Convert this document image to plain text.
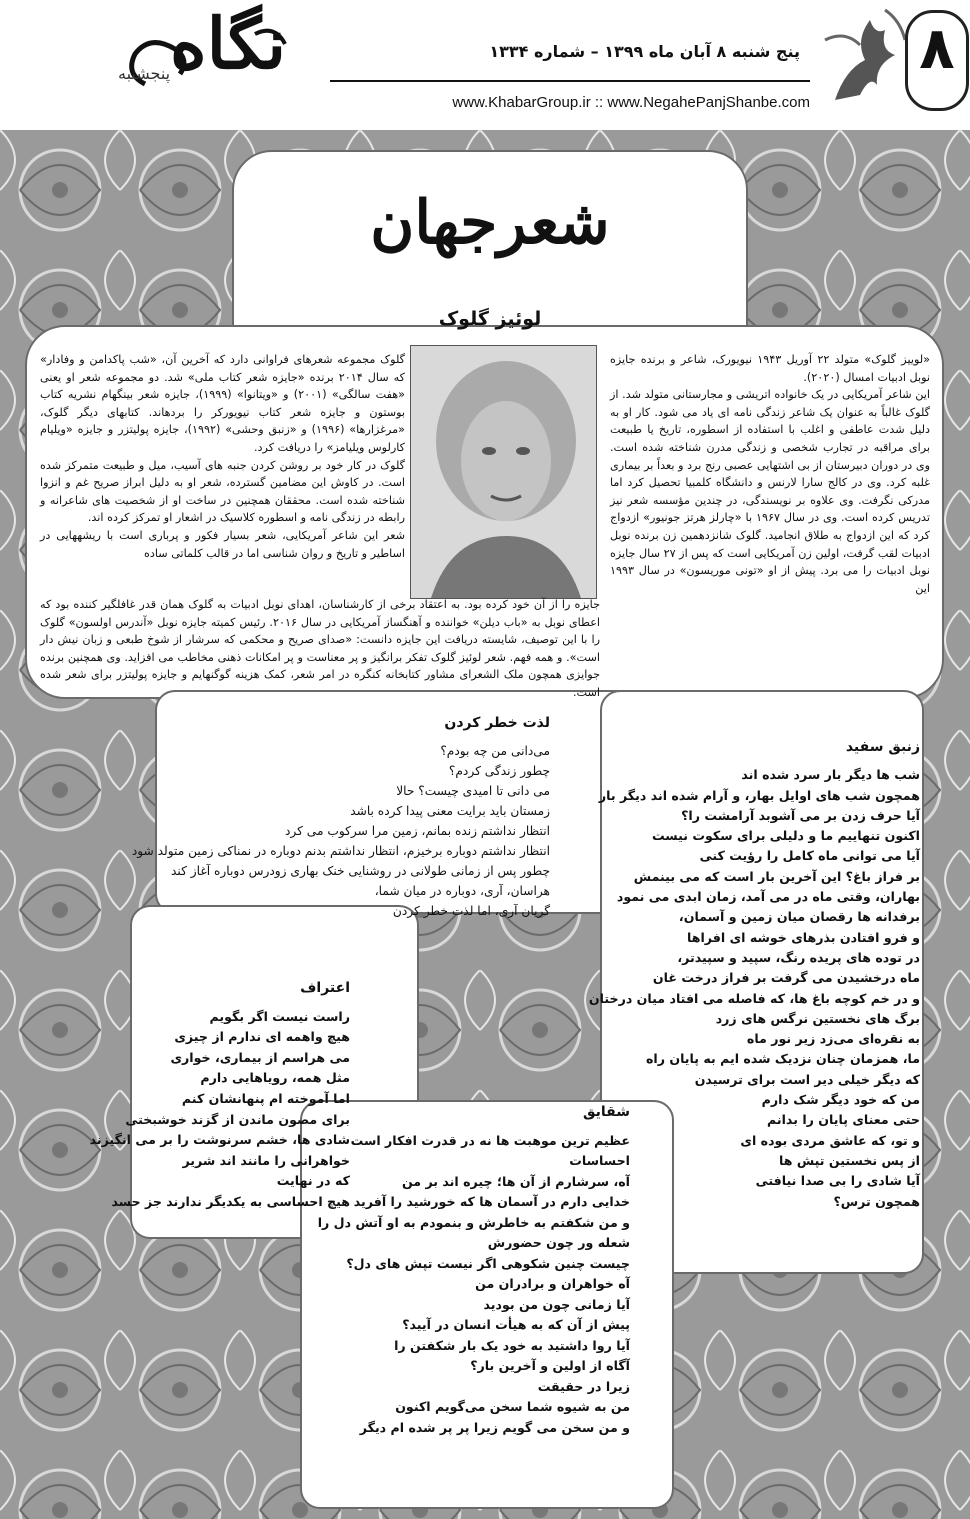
نگاه
پنجشنبه
پنج شنبه ۸ آبان ماه ۱۳۹۹ – شماره ۱۳۳۴
www.KhabarGroup.ir :: www.NegahePanjShanbe.com
۸
شعرجهان
لوئیز گلوک

«لوییز گلوک» متولد ۲۲ آوریل ۱۹۴۳ نیویورک، شاعر و برنده جایزه نوبل ادبیات امسال (۲۰۲۰).

این شاعر آمریکایی در یک خانواده اتریشی و مجارستانی متولد شد. از گلوک غالباً به عنوان یک شاعر زندگی نامه ای یاد می شود. کار او به دلیل شدت عاطفی و اغلب با استفاده از اسطوره، تاریخ یا طبیعت برای مراقبه در تجارب شخصی و زندگی مدرن شناخته شده است. وی در دوران دبیرستان از بی اشتهایی عصبی رنج برد و بعداً بر بیماری غلبه کرد. وی در کالج سارا لارنس و دانشگاه کلمبیا تحصیل کرد اما مدرکی نگرفت. وی علاوه بر نویسندگی، در چندین مؤسسه شعر نیز تدریس کرده است. وی در سال ۱۹۶۷ با «چارلز هرتز جونیور» ازدواج کرد که این ازدواج به طلاق انجامید. گلوک شانزدهمین زن برنده نوبل ادبیات لقب گرفت، اولین زن آمریکایی است که پس از ۲۷ سال جایزه نوبل ادبیات را می برد. پیش از او «تونی موریسون» در سال ۱۹۹۳ این

گلوک مجموعه شعرهای فراوانی دارد که آخرین آن، «شب پاکدامن و وفادار» که سال ۲۰۱۴ برنده «جایزه شعر کتاب ملی» شد. دو مجموعه شعر او یعنی «هفت سالگی» (۲۰۰۱) و «ویتانوا» (۱۹۹۹)، جایزه شعر بینگهام نشریه کتاب بوستون و جایزه شعر کتاب نیویورکر را بردهاند. کتابهای دیگر گلوک، «مرغزارها» (۱۹۹۶) و «زنبق وحشی» (۱۹۹۲)، جایزه پولیتزر و جایزه «ویلیام کارلوس ویلیامز» را دریافت کرد.

گلوک در کار خود بر روشن کردن جنبه های آسیب، میل و طبیعت متمرکز شده است. در کاوش این مضامین گسترده، شعر او به دلیل ابراز صریح غم و انزوا شناخته شده است. محققان همچنین در ساخت او از شخصیت های شاعرانه و رابطه در زندگی نامه و اسطوره کلاسیک در اشعار او تمرکز کرده اند.

شعر این شاعر آمریکایی، شعر بسیار فکور و پرباری است با ریشههایی در اساطیر و تاریخ و روان شناسی اما در قالب کلماتی ساده

جایزه را از آن خود کرده بود. به اعتقاد برخی از کارشناسان، اهدای نوبل ادبیات به گلوک همان قدر غافلگیر کننده بود که اعطای نوبل به «باب دیلن» خواننده و آهنگساز آمریکایی در سال ۲۰۱۶. رئیس کمیته جایزه نوبل «آندرس اولسون» گلوک را با این توصیف، شایسته دریافت این جایزه دانست: «صدای صریح و محکمی که سرشار از شوخ طبعی و زبان نیش دار است». و همه فهم. شعر لوئیز گلوک تفکر برانگیز و پر معناست و پر امکانات ذهنی مخاطب می افزاید. وی همچنین برنده جوایزی همچون ملک الشعرای مشاور کتابخانه کنگره در امر شعر، کمک هزینه گوگنهایم و جایزه پولیتزر برای شعر شده است.
لذت خطر کردن
می‌دانی من چه بودم؟
چطور زندگی کردم؟
می دانی تا امیدی چیست؟ حالا
زمستان باید برایت معنی پیدا کرده باشد
انتظار نداشتم زنده بمانم، زمین مرا سرکوب می کرد
انتظار نداشتم دوباره برخیزم، انتظار نداشتم بدنم دوباره در نمناکی زمین متولد شود
چطور پس از زمانی طولانی در روشنایی خنک بهاری زودرس دوباره آغاز کند
هراسان، آری، دوباره در میان شما،
گریان آری، اما لذت خطر کردن
زنبق سفید
شب ها دیگر بار سرد شده اند
همچون شب های اوایل بهار، و آرام شده اند دیگر بار
آیا حرف زدن بر می آشوبد آرامشت را؟
اکنون تنهاییم ما و دلیلی برای سکوت نیست
آیا می توانی ماه کامل را رؤیت کنی
بر فراز باغ؟ این آخرین بار است که می بینمش
بهاران، وقتی ماه در می آمد، زمان ابدی می نمود
برفدانه ها رقصان میان زمین و آسمان،
و فرو افتادن بذرهای خوشه ای افراها
در توده های پریده رنگ، سپید و سپیدتر،
ماه درخشیدن می گرفت بر فراز درخت غان
و در خم کوچه باغ ها، که فاصله می افتاد میان درختان
برگ های نخستین نرگس های زرد
به نقره‌ای می‌زد زیر نور ماه
ما، همزمان چنان نزدیک شده ایم به پایان راه
که دیگر خیلی دیر است برای ترسیدن
من که خود دیگر شک دارم
حتی معنای پایان را بدانم
و تو، که عاشق مردی بوده ای
از پس نخستین تپش ها
آیا شادی را بی صدا نیافتی
همچون ترس؟
اعتراف
راست نیست اگر بگویم
هیچ واهمه ای ندارم از چیزی
می هراسم از بیماری، خواری
مثل همه، رویاهایی دارم
اما آموخته ام پنهانشان کنم
برای مصون ماندن از گزند خوشبختی
شادی ها، خشم سرنوشت را بر می انگیزند
خواهرانی را مانند اند شریر
که در نهایت
هیچ احساسی به یکدیگر ندارند جز حسد
شقایق
عظیم ترین موهبت ها نه در قدرت افکار است
احساسات
آه، سرشارم از آن ها؛ چیره اند بر من
خدایی دارم در آسمان ها که خورشید را آفرید
و من شکفتم به خاطرش و بنمودم به او آتش دل را
شعله ور چون حضورش
چیست چنین شکوهی اگر نیست تپش های دل؟
آه خواهران و برادران من
آیا زمانی چون من بودید
پیش از آن که به هیأت انسان در آیید؟
آیا روا داشتید به خود یک بار شکفتن را
آگاه از اولین و آخرین بار؟
زیرا در حقیقت
من به شیوه شما سخن می‌گویم اکنون
و من سخن می گویم زیرا پر پر شده ام دیگر
